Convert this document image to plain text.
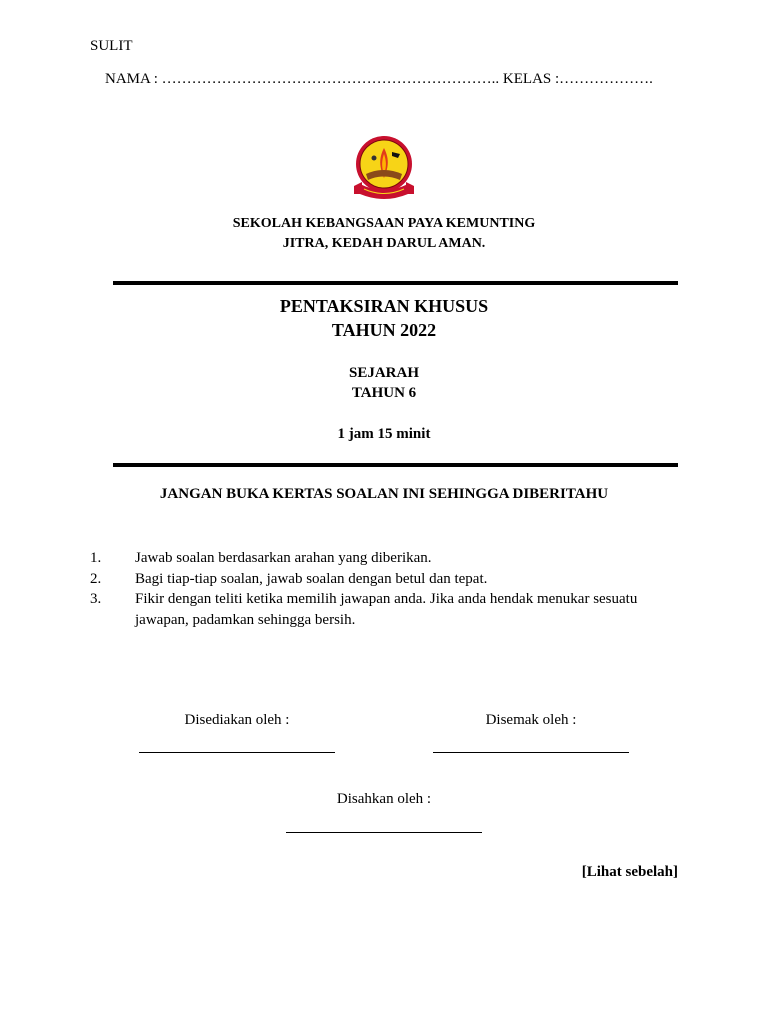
SULIT
NAMA : ………………………………………………………….. KELAS :……………….
SEKOLAH KEBANGSAAN PAYA KEMUNTING
JITRA, KEDAH DARUL AMAN.
PENTAKSIRAN KHUSUS
TAHUN 2022
SEJARAH
TAHUN 6
1 jam 15 minit
JANGAN BUKA KERTAS SOALAN INI SEHINGGA DIBERITAHU
1.	Jawab soalan berdasarkan arahan yang diberikan.
2.	Bagi tiap-tiap soalan, jawab soalan dengan betul dan tepat.
3.	Fikir dengan teliti ketika memilih jawapan anda. Jika anda hendak menukar sesuatu jawapan, padamkan sehingga bersih.
Disediakan oleh :	Disemak oleh :
Disahkan oleh :
[Lihat sebelah]
